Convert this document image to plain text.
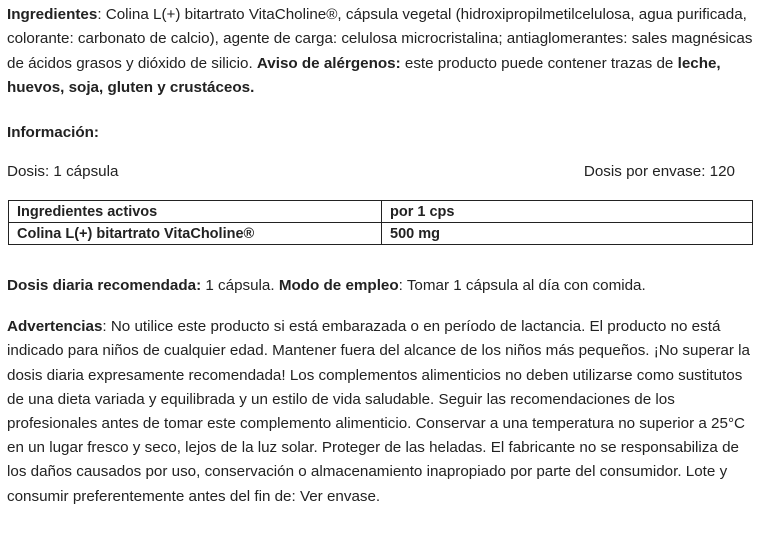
Ingredientes: Colina L(+) bitartrato VitaCholine®, cápsula vegetal (hidroxipropilmetilcelulosa, agua purificada, colorante: carbonato de calcio), agente de carga: celulosa microcristalina; antiaglomerantes: sales magnésicas de ácidos grasos y dióxido de silicio. Aviso de alérgenos: este producto puede contener trazas de leche, huevos, soja, gluten y crustáceos.

Información:

Dosis: 1 cápsula	Dosis por envase: 120
Ingredientes activos	por 1 cps
Colina L(+) bitartrato VitaCholine®	500 mg

Dosis diaria recomendada: 1 cápsula. Modo de empleo: Tomar 1 cápsula al día con comida.

Advertencias: No utilice este producto si está embarazada o en período de lactancia. El producto no está indicado para niños de cualquier edad. Mantener fuera del alcance de los niños más pequeños. ¡No superar la dosis diaria expresamente recomendada! Los complementos alimenticios no deben utilizarse como sustitutos de una dieta variada y equilibrada y un estilo de vida saludable. Seguir las recomendaciones de los profesionales antes de tomar este complemento alimenticio. Conservar a una temperatura no superior a 25°C en un lugar fresco y seco, lejos de la luz solar. Proteger de las heladas. El fabricante no se responsabiliza de los daños causados por uso, conservación o almacenamiento inapropiado por parte del consumidor. Lote y consumir preferentemente antes del fin de: Ver envase.
